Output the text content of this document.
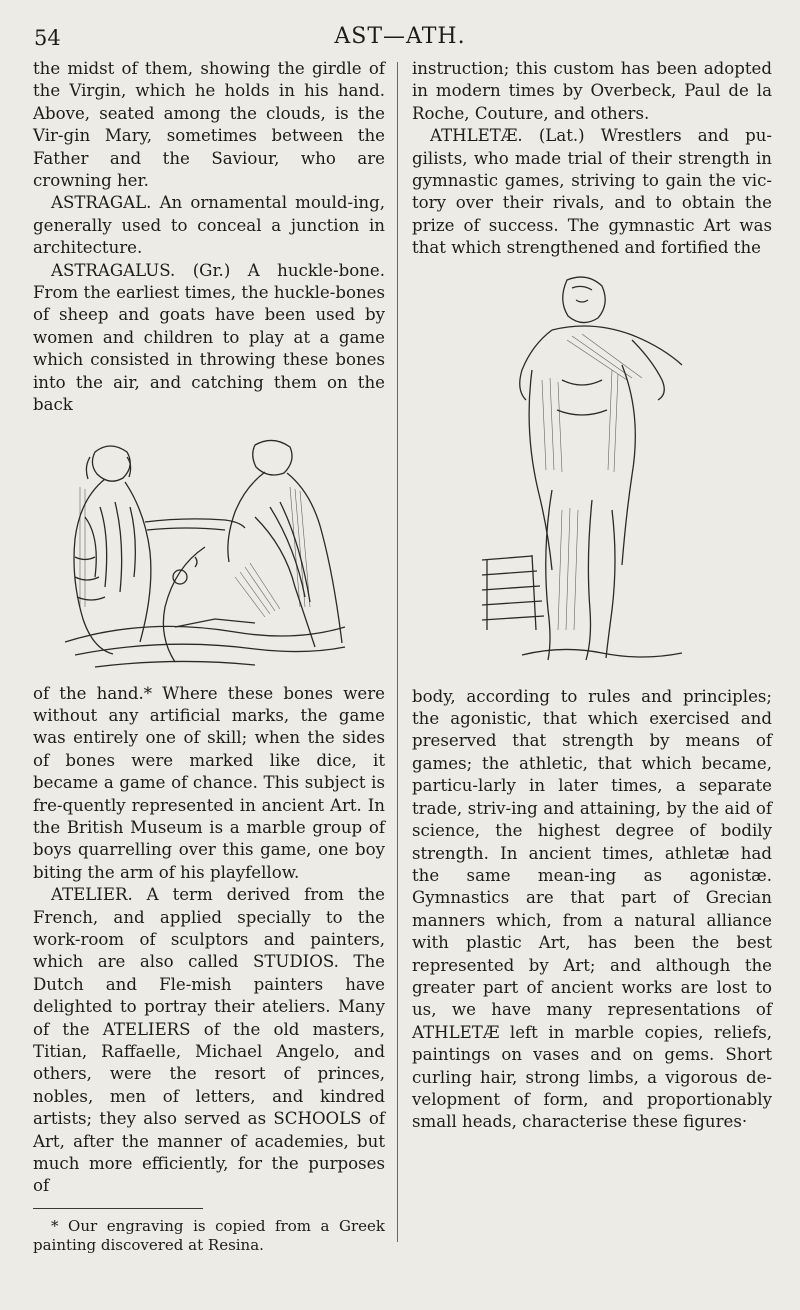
54	AST—ATH.

the midst of them, showing the girdle of the Virgin, which he holds in his hand. Above, seated among the clouds, is the Vir-gin Mary, sometimes between the Father and the Saviour, who are crowning her.

ASTRAGAL. An ornamental mould-ing, generally used to conceal a junction in architecture.

ASTRAGALUS. (Gr.) A huckle-bone. From the earliest times, the huckle-bones of sheep and goats have been used by women and children to play at a game which consisted in throwing these bones into the air, and catching them on the back

of the hand.* Where these bones were without any artificial marks, the game was entirely one of skill; when the sides of bones were marked like dice, it became a game of chance. This subject is fre-quently represented in ancient Art. In the British Museum is a marble group of boys quarrelling over this game, one boy biting the arm of his playfellow.

ATELIER. A term derived from the French, and applied specially to the work-room of sculptors and painters, which are also called STUDIOS. The Dutch and Fle-mish painters have delighted to portray their ateliers. Many of the ATELIERS of the old masters, Titian, Raffaelle, Michael Angelo, and others, were the resort of princes, nobles, men of letters, and kindred artists; they also served as SCHOOLS of Art, after the manner of academies, but much more efficiently, for the purposes of

* Our engraving is copied from a Greek painting discovered at Resina.

instruction; this custom has been adopted in modern times by Overbeck, Paul de la Roche, Couture, and others.

ATHLETÆ. (Lat.) Wrestlers and pu-gilists, who made trial of their strength in gymnastic games, striving to gain the vic-tory over their rivals, and to obtain the prize of success. The gymnastic Art was that which strengthened and fortified the

body, according to rules and principles; the agonistic, that which exercised and preserved that strength by means of games; the athletic, that which became, particu-larly in later times, a separate trade, striv-ing and attaining, by the aid of science, the highest degree of bodily strength. In ancient times, athletæ had the same mean-ing as agonistæ. Gymnastics are that part of Grecian manners which, from a natural alliance with plastic Art, has been the best represented by Art; and although the greater part of ancient works are lost to us, we have many representations of ATHLETÆ left in marble copies, reliefs, paintings on vases and on gems. Short curling hair, strong limbs, a vigorous de-velopment of form, and proportionably small heads, characterise these figures·
